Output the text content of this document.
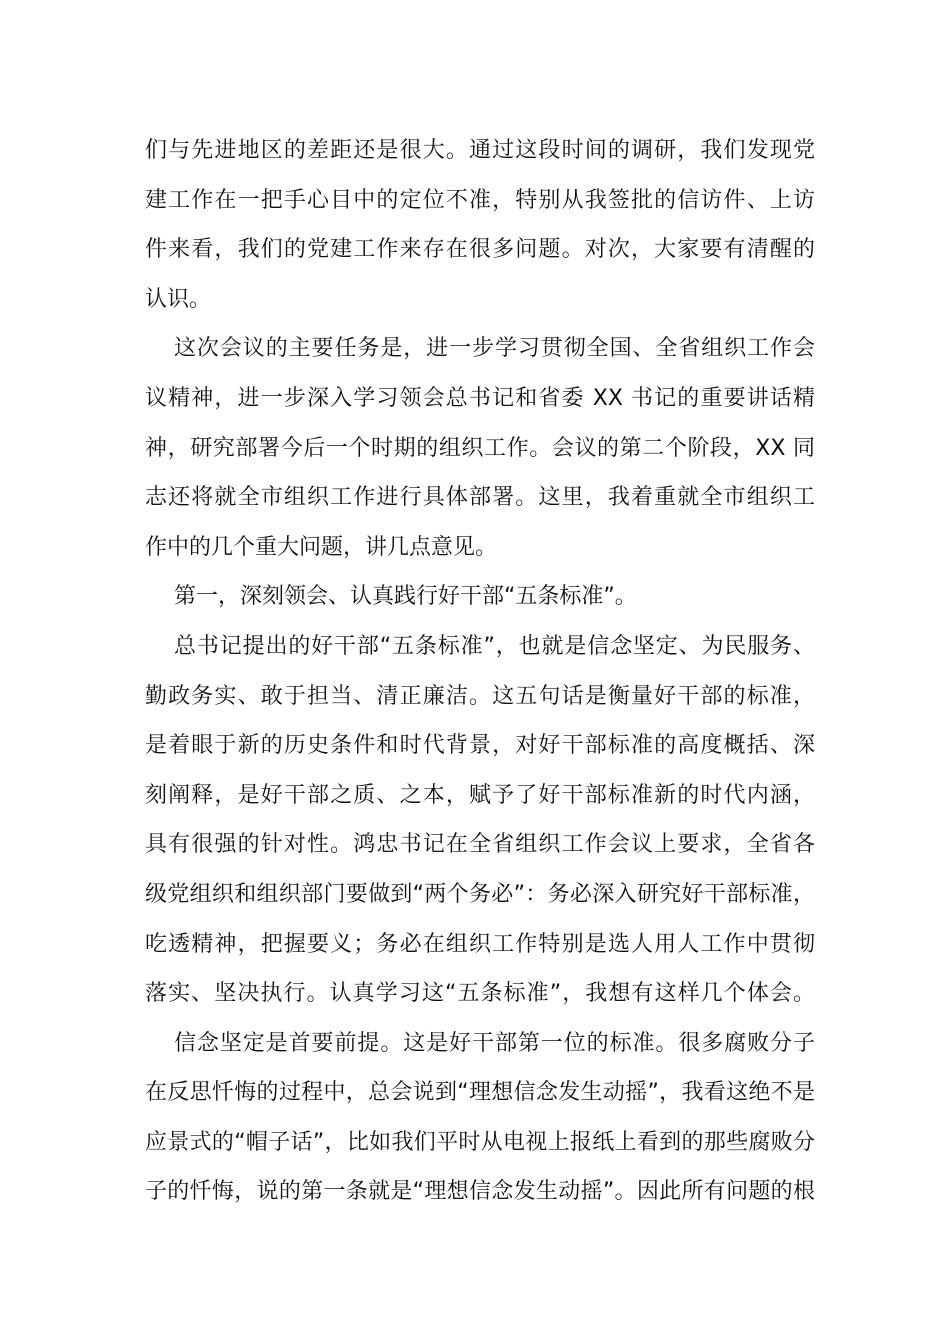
们与先进地区的差距还是很大。通过这段时间的调研，我们发现党
建工作在一把手心目中的定位不准，特别从我签批的信访件、上访
件来看，我们的党建工作来存在很多问题。对次，大家要有清醒的
认识。
这次会议的主要任务是，进一步学习贯彻全国、全省组织工作会
议精神，进一步深入学习领会总书记和省委 XX 书记的重要讲话精
神，研究部署今后一个时期的组织工作。会议的第二个阶段，XX 同
志还将就全市组织工作进行具体部署。这里，我着重就全市组织工
作中的几个重大问题，讲几点意见。
第一，深刻领会、认真践行好干部“五条标准”。
总书记提出的好干部“五条标准”，也就是信念坚定、为民服务、
勤政务实、敢于担当、清正廉洁。这五句话是衡量好干部的标准，
是着眼于新的历史条件和时代背景，对好干部标准的高度概括、深
刻阐释，是好干部之质、之本，赋予了好干部标准新的时代内涵，
具有很强的针对性。鸿忠书记在全省组织工作会议上要求，全省各
级党组织和组织部门要做到“两个务必”：务必深入研究好干部标准，
吃透精神，把握要义；务必在组织工作特别是选人用人工作中贯彻
落实、坚决执行。认真学习这“五条标准”，我想有这样几个体会。
信念坚定是首要前提。这是好干部第一位的标准。很多腐败分子
在反思忏悔的过程中，总会说到“理想信念发生动摇”，我看这绝不是
应景式的“帽子话”，比如我们平时从电视上报纸上看到的那些腐败分
子的忏悔，说的第一条就是“理想信念发生动摇”。因此所有问题的根
